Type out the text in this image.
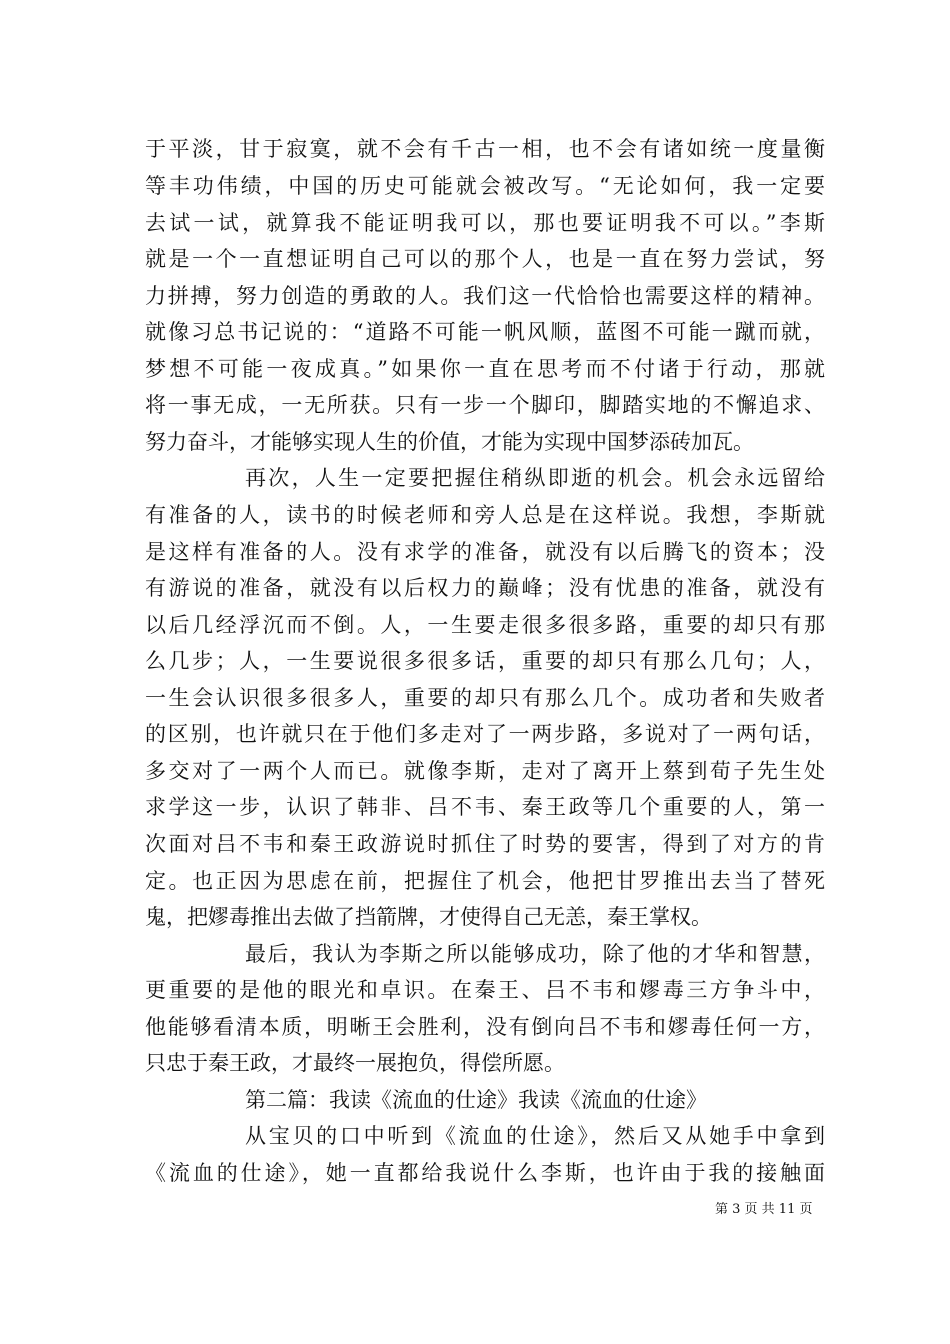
于平淡，甘于寂寞，就不会有千古一相，也不会有诸如统一度量衡
等丰功伟绩，中国的历史可能就会被改写。“无论如何，我一定要
去试一试，就算我不能证明我可以，那也要证明我不可以。”李斯
就是一个一直想证明自己可以的那个人，也是一直在努力尝试，努
力拼搏，努力创造的勇敢的人。我们这一代恰恰也需要这样的精神。
就像习总书记说的：“道路不可能一帆风顺，蓝图不可能一蹴而就，
梦想不可能一夜成真。”如果你一直在思考而不付诸于行动，那就
将一事无成，一无所获。只有一步一个脚印，脚踏实地的不懈追求、
努力奋斗，才能够实现人生的价值，才能为实现中国梦添砖加瓦。
再次，人生一定要把握住稍纵即逝的机会。机会永远留给
有准备的人，读书的时候老师和旁人总是在这样说。我想，李斯就
是这样有准备的人。没有求学的准备，就没有以后腾飞的资本；没
有游说的准备，就没有以后权力的巅峰；没有忧患的准备，就没有
以后几经浮沉而不倒。人，一生要走很多很多路，重要的却只有那
么几步；人，一生要说很多很多话，重要的却只有那么几句；人，
一生会认识很多很多人，重要的却只有那么几个。成功者和失败者
的区别，也许就只在于他们多走对了一两步路，多说对了一两句话，
多交对了一两个人而已。就像李斯，走对了离开上蔡到荀子先生处
求学这一步，认识了韩非、吕不韦、秦王政等几个重要的人，第一
次面对吕不韦和秦王政游说时抓住了时势的要害，得到了对方的肯
定。也正因为思虑在前，把握住了机会，他把甘罗推出去当了替死
鬼，把嫪毒推出去做了挡箭牌，才使得自己无恙，秦王掌权。
最后，我认为李斯之所以能够成功，除了他的才华和智慧，
更重要的是他的眼光和卓识。在秦王、吕不韦和嫪毒三方争斗中，
他能够看清本质，明晰王会胜利，没有倒向吕不韦和嫪毒任何一方，
只忠于秦王政，才最终一展抱负，得偿所愿。
第二篇：我读《流血的仕途》我读《流血的仕途》
从宝贝的口中听到《流血的仕途》，然后又从她手中拿到
《流血的仕途》，她一直都给我说什么李斯，也许由于我的接触面
第 3 页 共 11 页
